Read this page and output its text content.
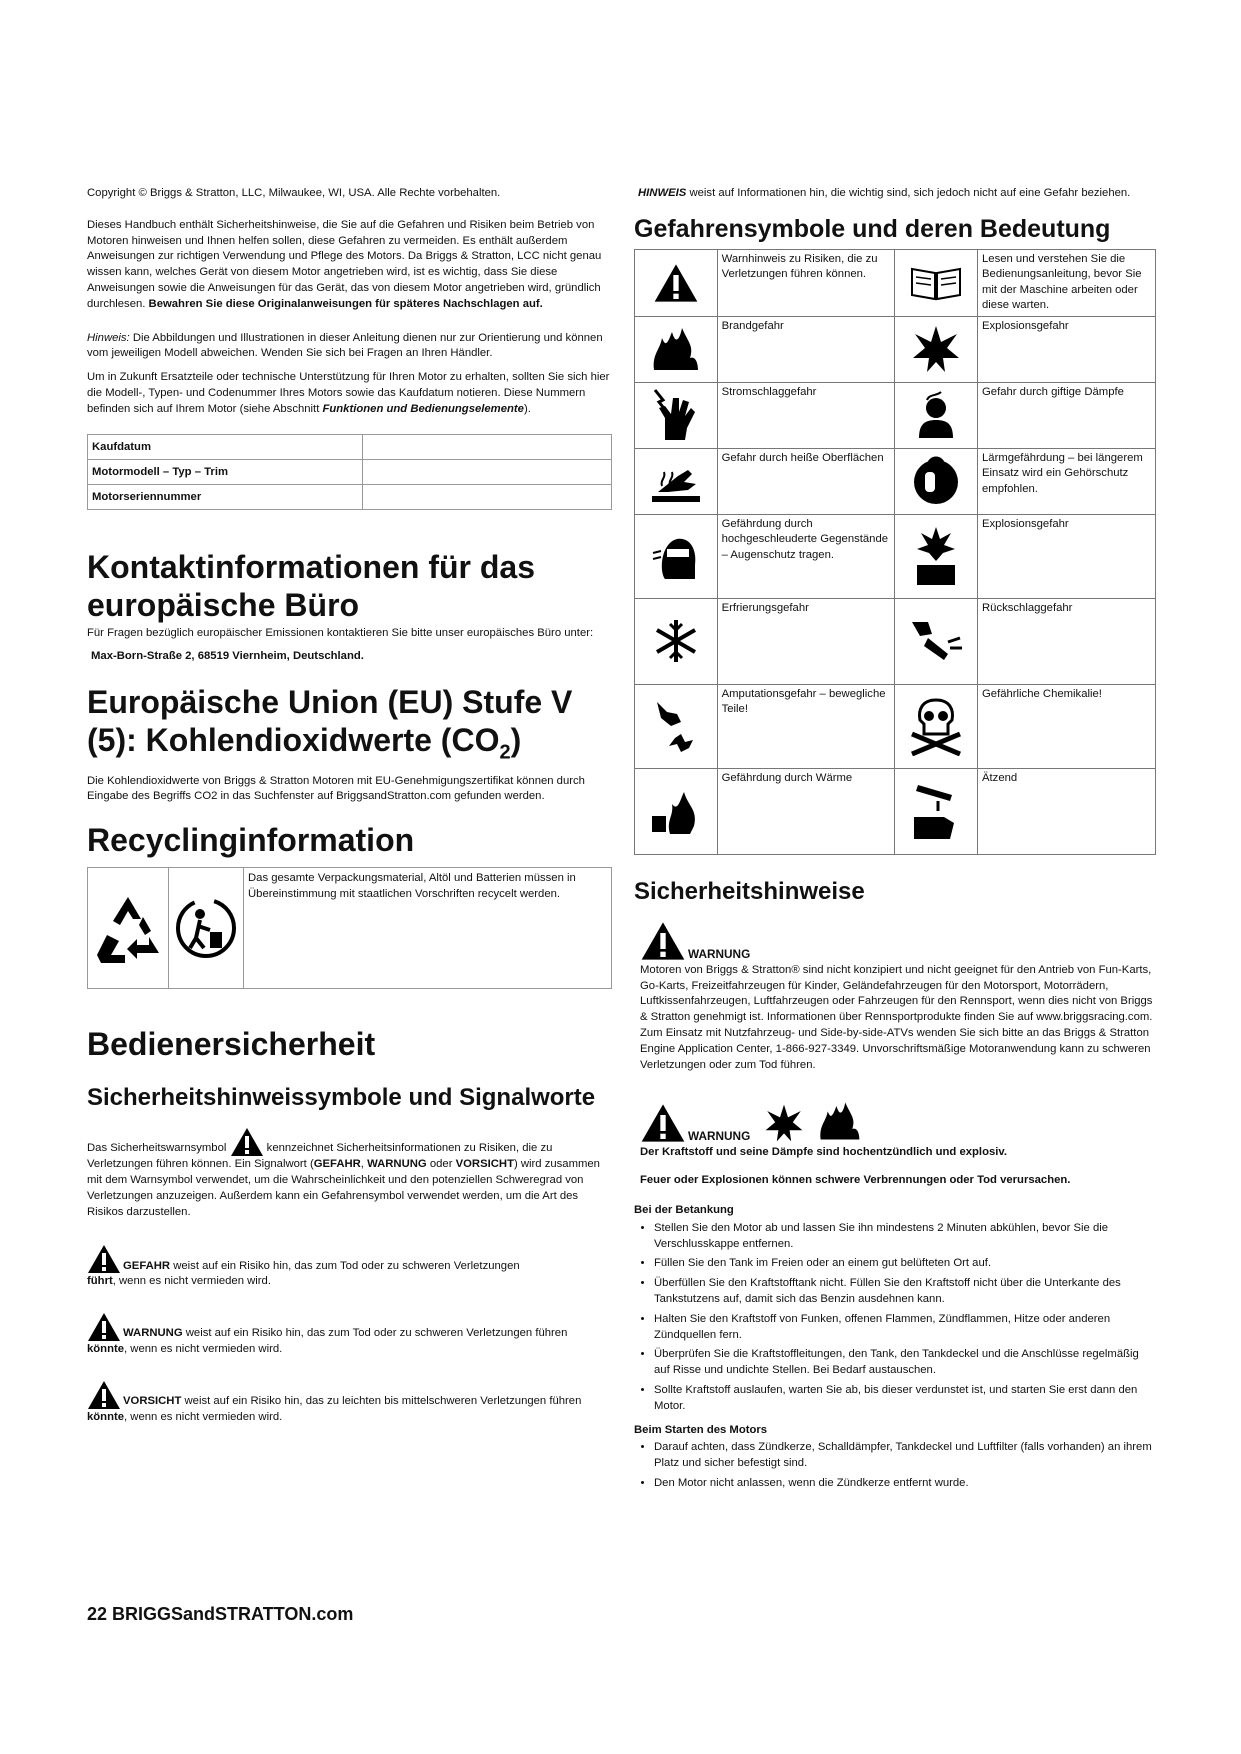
Copyright © Briggs & Stratton, LLC, Milwaukee, WI, USA. Alle Rechte vorbehalten.

Dieses Handbuch enthält Sicherheitshinweise, die Sie auf die Gefahren und Risiken beim Betrieb von Motoren hinweisen und Ihnen helfen sollen, diese Gefahren zu vermeiden. Es enthält außerdem Anweisungen zur richtigen Verwendung und Pflege des Motors. Da Briggs & Stratton, LCC nicht genau wissen kann, welches Gerät von diesem Motor angetrieben wird, ist es wichtig, dass Sie diese Anweisungen sowie die Anweisungen für das Gerät, das von diesem Motor angetrieben wird, gründlich durchlesen. Bewahren Sie diese Originalanweisungen für späteres Nachschlagen auf.

Hinweis: Die Abbildungen und Illustrationen in dieser Anleitung dienen nur zur Orientierung und können vom jeweiligen Modell abweichen. Wenden Sie sich bei Fragen an Ihren Händler.

Um in Zukunft Ersatzteile oder technische Unterstützung für Ihren Motor zu erhalten, sollten Sie sich hier die Modell-, Typen- und Codenummer Ihres Motors sowie das Kaufdatum notieren. Diese Nummern befinden sich auf Ihrem Motor (siehe Abschnitt Funktionen und Bedienungselemente).

Kaufdatum	
Motormodell – Typ – Trim	
Motorseriennummer	
Kontaktinformationen für das europäische Büro

Für Fragen bezüglich europäischer Emissionen kontaktieren Sie bitte unser europäisches Büro unter:

Max-Born-Straße 2, 68519 Viernheim, Deutschland.

Europäische Union (EU) Stufe V (5): Kohlendioxidwerte $(CO_2)$

Die Kohlendioxidwerte von Briggs & Stratton Motoren mit EU-Genehmigungszertifikat können durch Eingabe des Begriffs CO2 in das Suchfenster auf BriggsandStratton.com gefunden werden.

Recyclinginformation

	Das gesamte Verpackungsmaterial, Altöl und Batterien müssen in Übereinstimmung mit staatlichen Vorschriften recycelt werden.
Bedienersicherheit
Sicherheitshinweissymbole und Signalworte

Das Sicherheitswarnsymbol	kennzeichnet Sicherheitsinformationen zu Risiken, die zu Verletzungen führen können. Ein Signalwort (GEFAHR, WARNUNG oder VORSICHT) wird zusammen mit dem Warnsymbol verwendet, um die Wahrscheinlichkeit und den potenziellen Schweregrad von Verletzungen anzuzeigen. Außerdem kann ein Gefahrensymbol verwendet werden, um die Art des Risikos darzustellen.

GEFAHR weist auf ein Risiko hin, das zum Tod oder zu schweren Verletzungen

führt, wenn es nicht vermieden wird.

WARNUNG weist auf ein Risiko hin, das zum Tod oder zu schweren Verletzungen führen

könnte, wenn es nicht vermieden wird.

VORSICHT weist auf ein Risiko hin, das zu leichten bis mittelschweren Verletzungen führen

könnte, wenn es nicht vermieden wird.

22 BRIGGSandSTRATTON.com

HINWEIS weist auf Informationen hin, die wichtig sind, sich jedoch nicht auf eine Gefahr beziehen.

Gefahrensymbole und deren Bedeutung
	Warnhinweis zu Risiken, die zu Verletzungen führen können.		Lesen und verstehen Sie die Bedienungsanleitung, bevor Sie mit der Maschine arbeiten oder diese warten.

	Brandgefahr		Explosionsgefahr

	Stromschlaggefahr		Gefahr durch giftige Dämpfe

	Gefahr durch heiße Oberflächen		Lärmgefährdung – bei längerem Einsatz wird ein Gehörschutz empfohlen.

	Gefährdung durch hochgeschleuderte Gegenstände – Augenschutz tragen.		Explosionsgefahr

	Erfrierungsgefahr		Rückschlaggefahr

	Amputationsgefahr – bewegliche Teile!		Gefährliche Chemikalie!

	Gefährdung durch Wärme		Ätzend
Sicherheitshinweise
WARNUNG

Motoren von Briggs & Stratton® sind nicht konzipiert und nicht geeignet für den Antrieb von Fun-Karts, Go-Karts, Freizeitfahrzeugen für Kinder, Geländefahrzeugen für den Motorsport, Motorrädern, Luftkissenfahrzeugen, Luftfahrzeugen oder Fahrzeugen für den Rennsport, wenn dies nicht von Briggs & Stratton genehmigt ist. Informationen über Rennsportprodukte finden Sie auf www.briggsracing.com. Zum Einsatz mit Nutzfahrzeug- und Side-by-side-ATVs wenden Sie sich bitte an das Briggs & Stratton Engine Application Center, 1-866-927-3349. Unvorschriftsmäßige Motoranwendung kann zu schweren Verletzungen oder zum Tod führen.

WARNUNG

Der Kraftstoff und seine Dämpfe sind hochentzündlich und explosiv.

Feuer oder Explosionen können schwere Verbrennungen oder Tod verursachen.

Bei der Betankung

• Stellen Sie den Motor ab und lassen Sie ihn mindestens 2 Minuten abkühlen, bevor Sie die Verschlusskappe entfernen.
• Füllen Sie den Tank im Freien oder an einem gut belüfteten Ort auf.
• Überfüllen Sie den Kraftstofftank nicht. Füllen Sie den Kraftstoff nicht über die Unterkante des Tankstutzens auf, damit sich das Benzin ausdehnen kann.
• Halten Sie den Kraftstoff von Funken, offenen Flammen, Zündflammen, Hitze oder anderen Zündquellen fern.
• Überprüfen Sie die Kraftstoffleitungen, den Tank, den Tankdeckel und die Anschlüsse regelmäßig auf Risse und undichte Stellen. Bei Bedarf austauschen.
• Sollte Kraftstoff auslaufen, warten Sie ab, bis dieser verdunstet ist, und starten Sie erst dann den Motor.

Beim Starten des Motors

• Darauf achten, dass Zündkerze, Schalldämpfer, Tankdeckel und Luftfilter (falls vorhanden) an ihrem Platz und sicher befestigt sind.
• Den Motor nicht anlassen, wenn die Zündkerze entfernt wurde.
